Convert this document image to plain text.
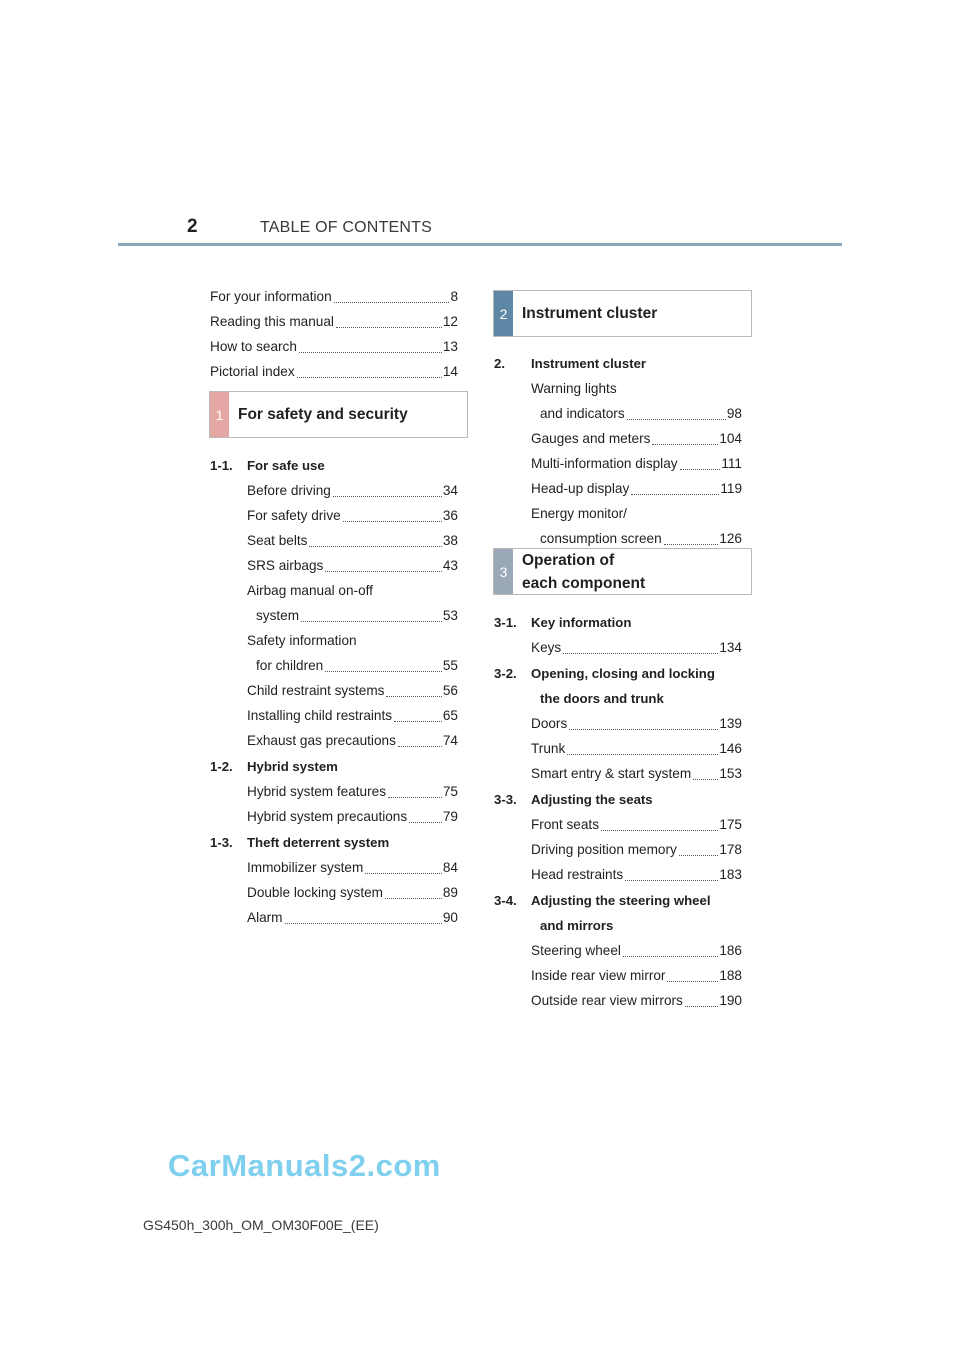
2	TABLE OF CONTENTS
For your information	8
Reading this manual	12
How to search	13
Pictorial index	14
1 For safety and security
1-1. For safe use
Before driving	34
For safety drive	36
Seat belts	38
SRS airbags	43
Airbag manual on-off
system	53
Safety information
for children	55
Child restraint systems	56
Installing child restraints	65
Exhaust gas precautions	74
1-2. Hybrid system
Hybrid system features	75
Hybrid system precautions	79
1-3. Theft deterrent system
Immobilizer system	84
Double locking system	89
Alarm	90
2 Instrument cluster
2. Instrument cluster
Warning lights
and indicators	98
Gauges and meters	104
Multi-information display	111
Head-up display	119
Energy monitor/
consumption screen	126
3
Operation of
each component
3-1. Key information
Keys	134
3-2. Opening, closing and locking
the doors and trunk
Doors	139
Trunk	146
Smart entry & start system 153
3-3. Adjusting the seats
Front seats	175
Driving position memory	178
Head restraints	183
3-4. Adjusting the steering wheel
and mirrors
Steering wheel	186
Inside rear view mirror	188
Outside rear view mirrors	190
CarManuals2.com
GS450h_300h_OM_OM30F00E_(EE)
